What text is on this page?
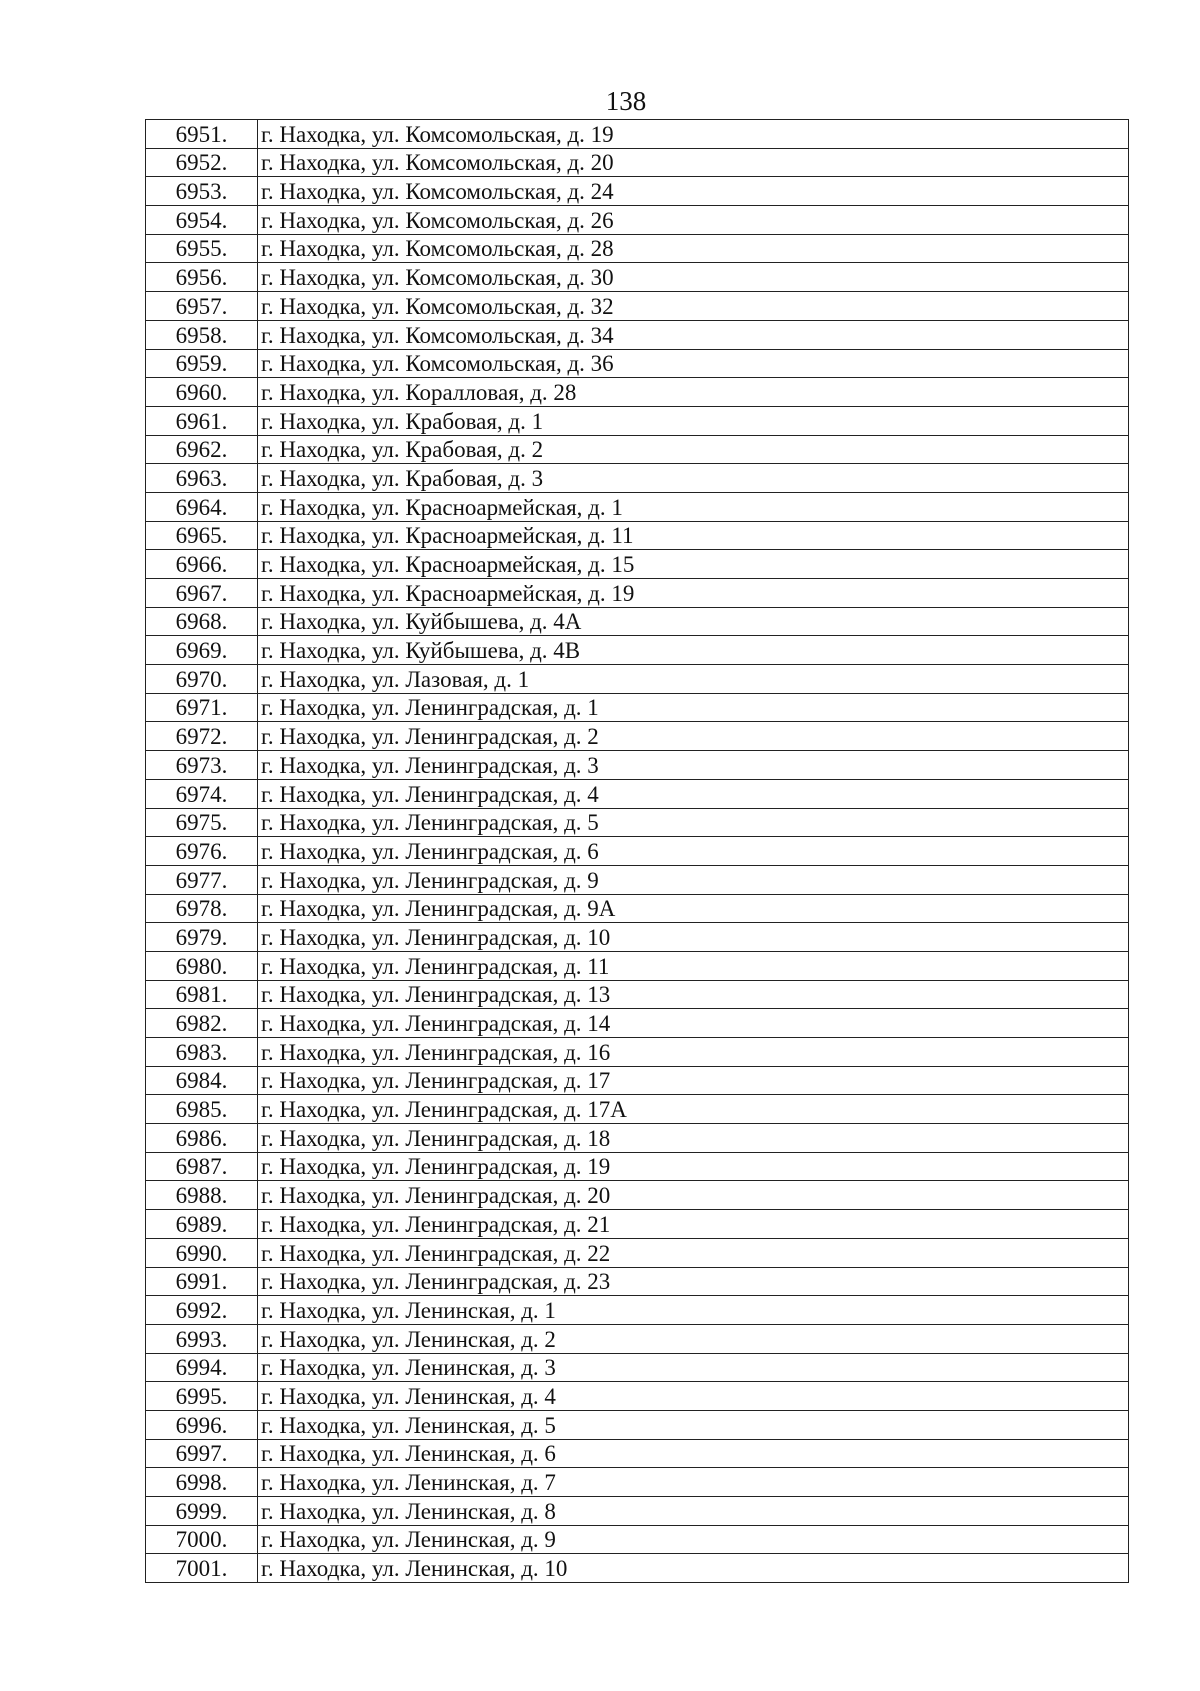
138
6951.	г. Находка, ул. Комсомольская, д. 19
6952.	г. Находка, ул. Комсомольская, д. 20
6953.	г. Находка, ул. Комсомольская, д. 24
6954.	г. Находка, ул. Комсомольская, д. 26
6955.	г. Находка, ул. Комсомольская, д. 28
6956.	г. Находка, ул. Комсомольская, д. 30
6957.	г. Находка, ул. Комсомольская, д. 32
6958.	г. Находка, ул. Комсомольская, д. 34
6959.	г. Находка, ул. Комсомольская, д. 36
6960.	г. Находка, ул. Коралловая, д. 28
6961.	г. Находка, ул. Крабовая, д. 1
6962.	г. Находка, ул. Крабовая, д. 2
6963.	г. Находка, ул. Крабовая, д. 3
6964.	г. Находка, ул. Красноармейская, д. 1
6965.	г. Находка, ул. Красноармейская, д. 11
6966.	г. Находка, ул. Красноармейская, д. 15
6967.	г. Находка, ул. Красноармейская, д. 19
6968.	г. Находка, ул. Куйбышева, д. 4А
6969.	г. Находка, ул. Куйбышева, д. 4В
6970.	г. Находка, ул. Лазовая, д. 1
6971.	г. Находка, ул. Ленинградская, д. 1
6972.	г. Находка, ул. Ленинградская, д. 2
6973.	г. Находка, ул. Ленинградская, д. 3
6974.	г. Находка, ул. Ленинградская, д. 4
6975.	г. Находка, ул. Ленинградская, д. 5
6976.	г. Находка, ул. Ленинградская, д. 6
6977.	г. Находка, ул. Ленинградская, д. 9
6978.	г. Находка, ул. Ленинградская, д. 9А
6979.	г. Находка, ул. Ленинградская, д. 10
6980.	г. Находка, ул. Ленинградская, д. 11
6981.	г. Находка, ул. Ленинградская, д. 13
6982.	г. Находка, ул. Ленинградская, д. 14
6983.	г. Находка, ул. Ленинградская, д. 16
6984.	г. Находка, ул. Ленинградская, д. 17
6985.	г. Находка, ул. Ленинградская, д. 17А
6986.	г. Находка, ул. Ленинградская, д. 18
6987.	г. Находка, ул. Ленинградская, д. 19
6988.	г. Находка, ул. Ленинградская, д. 20
6989.	г. Находка, ул. Ленинградская, д. 21
6990.	г. Находка, ул. Ленинградская, д. 22
6991.	г. Находка, ул. Ленинградская, д. 23
6992.	г. Находка, ул. Ленинская, д. 1
6993.	г. Находка, ул. Ленинская, д. 2
6994.	г. Находка, ул. Ленинская, д. 3
6995.	г. Находка, ул. Ленинская, д. 4
6996.	г. Находка, ул. Ленинская, д. 5
6997.	г. Находка, ул. Ленинская, д. 6
6998.	г. Находка, ул. Ленинская, д. 7
6999.	г. Находка, ул. Ленинская, д. 8
7000.	г. Находка, ул. Ленинская, д. 9
7001.	г. Находка, ул. Ленинская, д. 10
